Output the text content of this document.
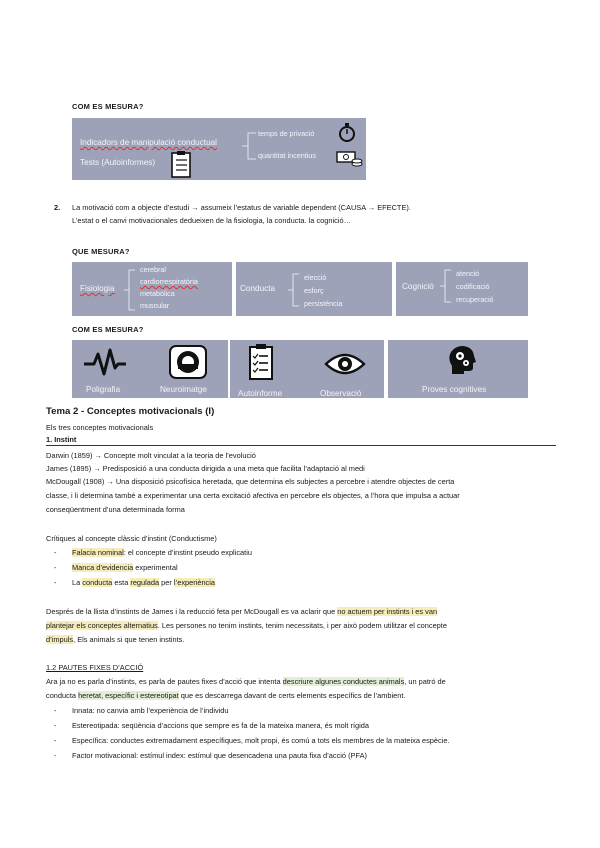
COM ES MESURA?
Indicadors de manipulació conductual
Tests (Autoinformes)
temps de privació
quantitat incentius
2. La motivació com a objecte d’estudi → assumeix l’estatus de variable dependent (CAUSA → EFECTE).
L’estat o el canvi motivacionales dedueixen de la fisiologia, la conducta. la cognició…
QUE MESURA?
Fisiologia
cerebral
cardiorrespiratòria
metabòlica
muscular
Conducta
elecció
esforç
persistència
Cognició
atenció
codificació
recuperació
COM ES MESURA?
Poligrafia	Neuroimatge	Autoinforme	Observació	Proves cognitives
Tema 2 - Conceptes motivacionals (I)
Els tres conceptes motivacionals
1. Instint
Darwin (1859) → Concepte molt vinculat a la teoria de l’evolució
James (1895) → Predisposició a una conducta dirigida a una meta que facilita l’adaptació al medi
McDougall (1908) → Una disposició psicofísica heretada, que determina els subjectes a percebre i atendre objectes de certa
classe, i li determina també a experimentar una certa excitació afectiva en percebre els objectes, a l’hora que impulsa a actuar
conseqüentment d’una determinada forma
Crítiques al concepte clàssic d’instint (Conductisme)
- Falacia nominal: el concepte d’instint pseudo explicatiu
- Manca d’evidencia experimental
- La conducta esta regulada per l’experiència
Després de la llista d’instints de James i la reducció feta per McDougall es va aclarir que no actuem per instints i es van
plantejar els conceptes alternatius. Les persones no tenim instints, tenim necessitats, i per això podem utilitzar el concepte
d’impuls, Els animals si que tenen instints.
1.2 PAUTES FIXES D’ACCIÓ
Ara ja no es parla d’instints, es parla de pautes fixes d’acció que intenta descriure algunes conductes animals, un patró de
conducta heretat, específic i estereotipat que es descarrega davant de certs elements específics de l’ambient.
- Innata: no canvia amb l’experiència de l’individu
- Estereotipada: seqüència d’accions que sempre es fa de la mateixa manera, és molt rígida
- Específica: conductes extremadament específiques, molt propi, és comú a tots els membres de la mateixa espècie.
- Factor motivacional: estímul index: estímul que desencadena una pauta fixa d’acció (PFA)
